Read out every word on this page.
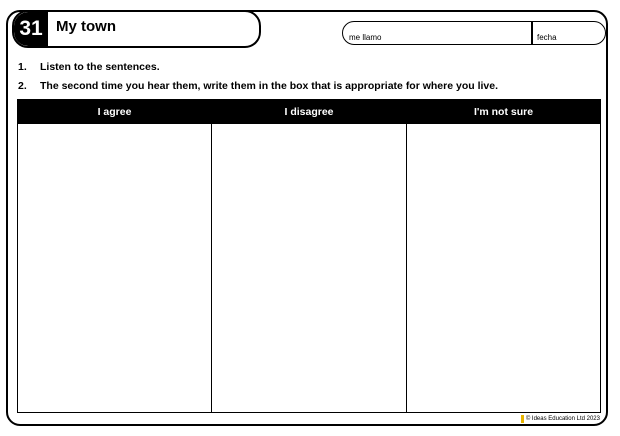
31 My town
me llamo	fecha
1. Listen to the sentences.
2. The second time you hear them, write them in the box that is appropriate for where you live.
I agree	I disagree	I'm not sure
© Ideas Education Ltd 2023
